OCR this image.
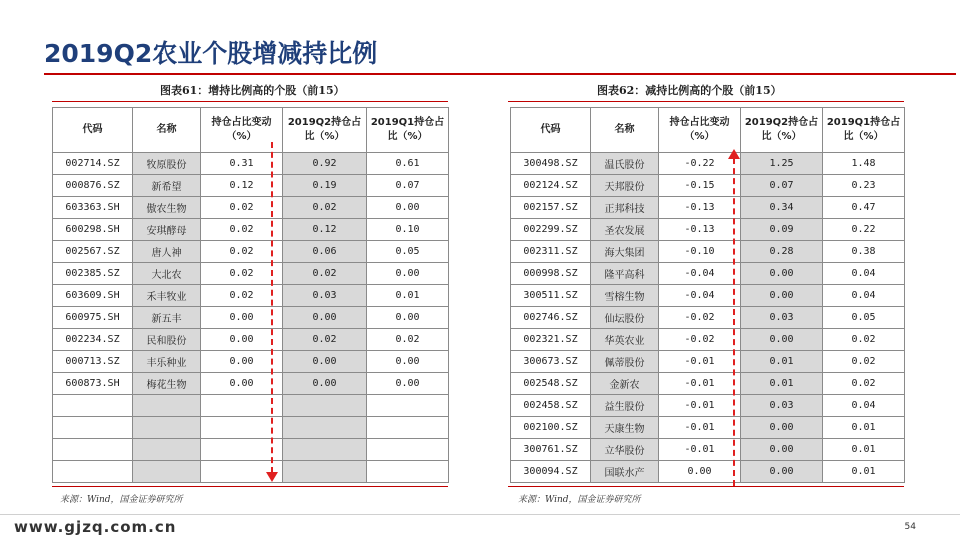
2019Q2农业个股增减持比例
图表61：增持比例高的个股（前15）
代码	名称	持仓占比变动（%）	2019Q2持仓占比（%）	2019Q1持仓占比（%）
002714.SZ	牧原股份	0.31	0.92	0.61
000876.SZ	新希望	0.12	0.19	0.07
603363.SH	傲农生物	0.02	0.02	0.00
600298.SH	安琪酵母	0.02	0.12	0.10
002567.SZ	唐人神	0.02	0.06	0.05
002385.SZ	大北农	0.02	0.02	0.00
603609.SH	禾丰牧业	0.02	0.03	0.01
600975.SH	新五丰	0.00	0.00	0.00
002234.SZ	民和股份	0.00	0.02	0.02
000713.SZ	丰乐种业	0.00	0.00	0.00
600873.SH	梅花生物	0.00	0.00	0.00

来源：Wind，国金证券研究所
图表62：减持比例高的个股（前15）
代码	名称	持仓占比变动（%）	2019Q2持仓占比（%）	2019Q1持仓占比（%）
300498.SZ	温氏股份	-0.22	1.25	1.48
002124.SZ	天邦股份	-0.15	0.07	0.23
002157.SZ	正邦科技	-0.13	0.34	0.47
002299.SZ	圣农发展	-0.13	0.09	0.22
002311.SZ	海大集团	-0.10	0.28	0.38
000998.SZ	隆平高科	-0.04	0.00	0.04
300511.SZ	雪榕生物	-0.04	0.00	0.04
002746.SZ	仙坛股份	-0.02	0.03	0.05
002321.SZ	华英农业	-0.02	0.00	0.02
300673.SZ	佩蒂股份	-0.01	0.01	0.02
002548.SZ	金新农	-0.01	0.01	0.02
002458.SZ	益生股份	-0.01	0.03	0.04
002100.SZ	天康生物	-0.01	0.00	0.01
300761.SZ	立华股份	-0.01	0.00	0.01
300094.SZ	国联水产	0.00	0.00	0.01
来源：Wind，国金证券研究所
www.gjzq.com.cn	54
